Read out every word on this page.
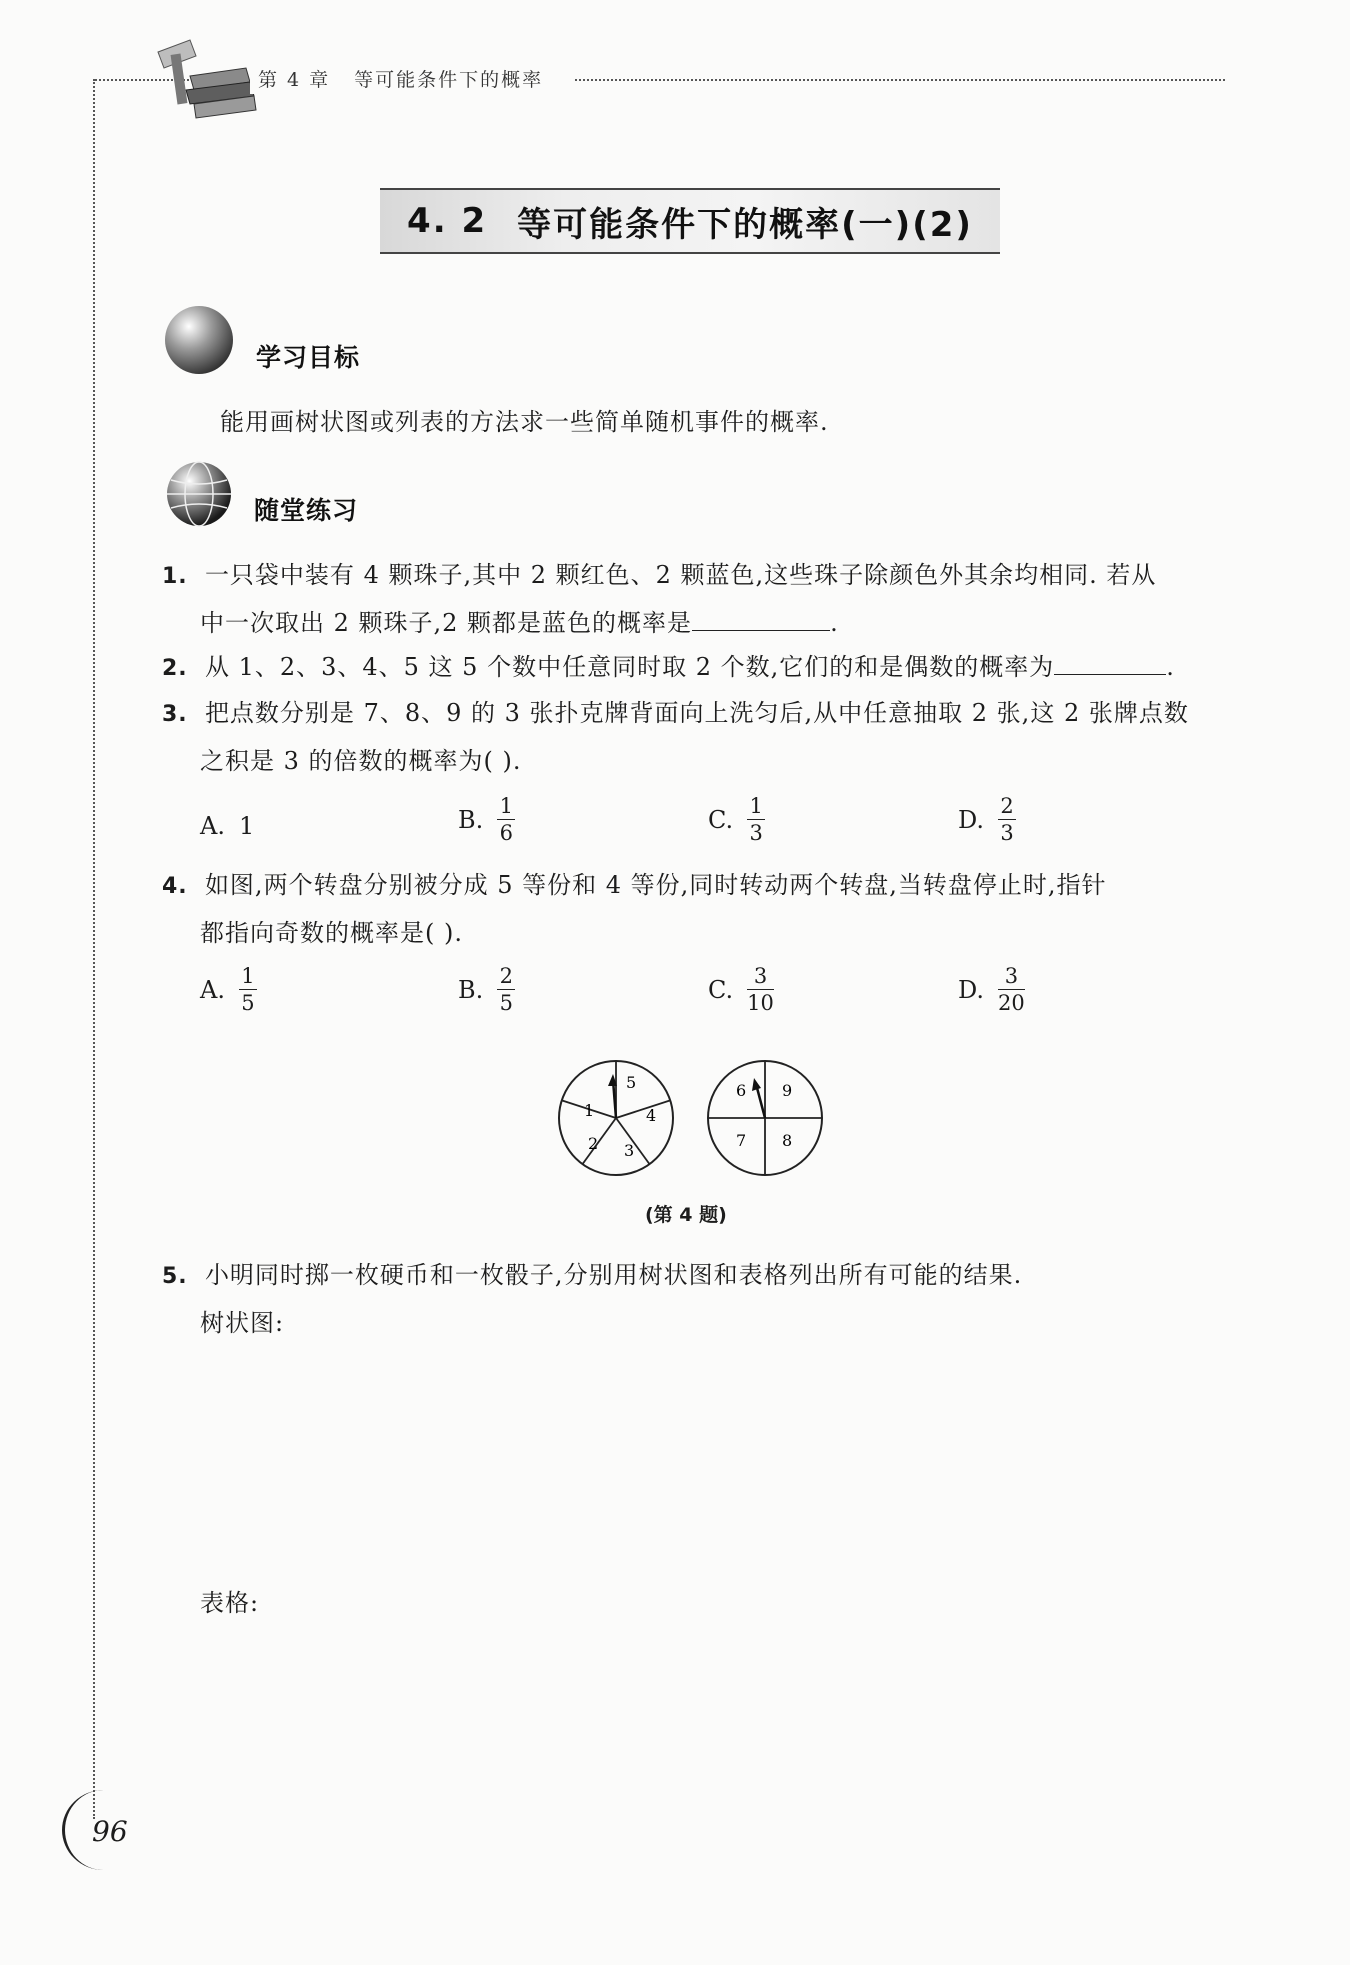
第 4 章 等可能条件下的概率
4. 2 等可能条件下的概率(一)(2)
学习目标
能用画树状图或列表的方法求一些简单随机事件的概率.
随堂练习
1. 一只袋中装有 4 颗珠子,其中 2 颗红色、2 颗蓝色,这些珠子除颜色外其余均相同. 若从
中一次取出 2 颗珠子,2 颗都是蓝色的概率是	.
2. 从 1、2、3、4、5 这 5 个数中任意同时取 2 个数,它们的和是偶数的概率为	.
3. 把点数分别是 7、8、9 的 3 张扑克牌背面向上洗匀后,从中任意抽取 2 张,这 2 张牌点数
之积是 3 的倍数的概率为( ).
A. 1	B. $\frac{1}{6}$	C. $\frac{1}{3}$	D. $\frac{2}{3}$
4. 如图,两个转盘分别被分成 5 等份和 4 等份,同时转动两个转盘,当转盘停止时,指针
都指向奇数的概率是( ).
A. $\frac{1}{5}$	B. $\frac{2}{5}$	C. $\frac{3}{10}$	D. $\frac{3}{20}$
5
4
3
2
1
9
8
7
6
(第 4 题)
5. 小明同时掷一枚硬币和一枚骰子,分别用树状图和表格列出所有可能的结果.
树状图:
表格:
96
